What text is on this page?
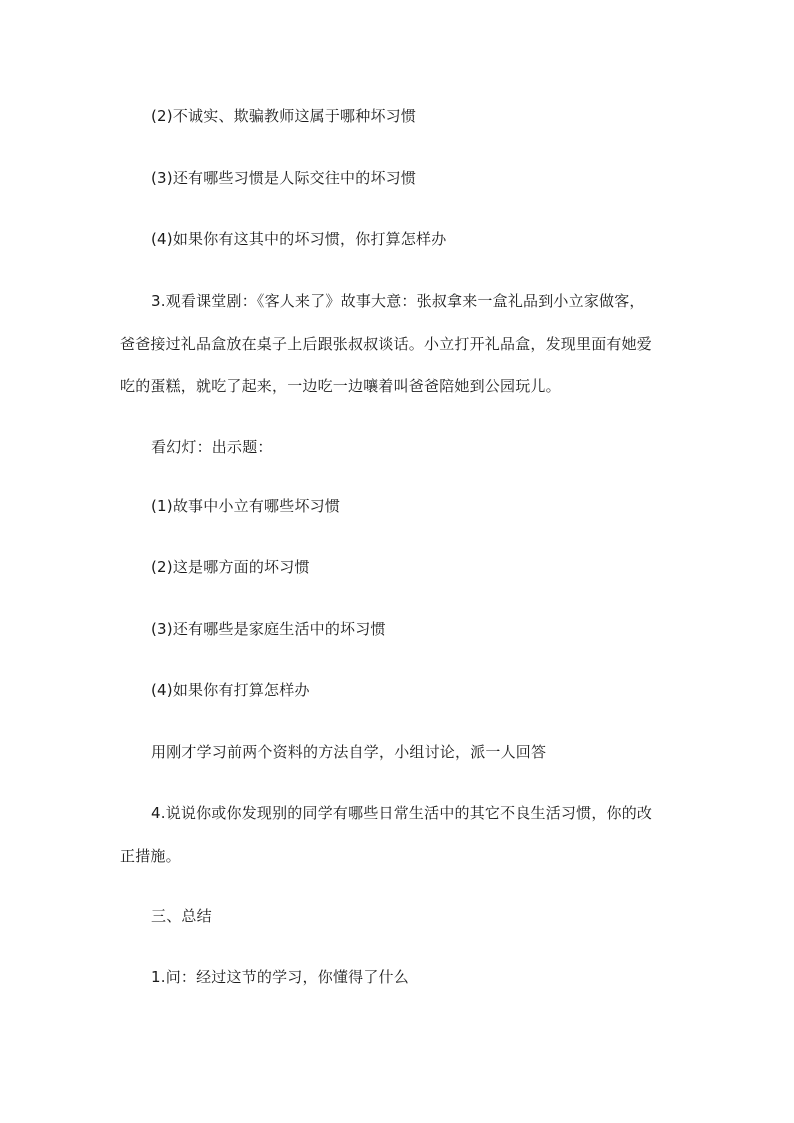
(2)不诚实、欺骗教师这属于哪种坏习惯

(3)还有哪些习惯是人际交往中的坏习惯

(4)如果你有这其中的坏习惯，你打算怎样办

3.观看课堂剧：《客人来了》故事大意：张叔拿来一盒礼品到小立家做客，

爸爸接过礼品盒放在桌子上后跟张叔叔谈话。小立打开礼品盒，发现里面有她爱

吃的蛋糕，就吃了起来，一边吃一边嚷着叫爸爸陪她到公园玩儿。

看幻灯：出示题：

(1)故事中小立有哪些坏习惯

(2)这是哪方面的坏习惯

(3)还有哪些是家庭生活中的坏习惯

(4)如果你有打算怎样办

用刚才学习前两个资料的方法自学，小组讨论，派一人回答

4.说说你或你发现别的同学有哪些日常生活中的其它不良生活习惯，你的改

正措施。

三、总结

1.问：经过这节的学习，你懂得了什么
